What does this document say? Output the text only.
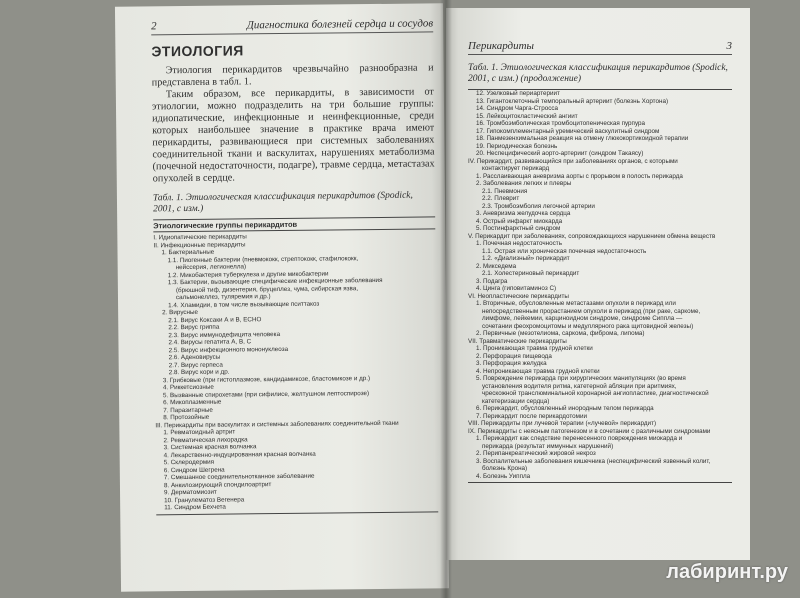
2	Диагностика болезней сердца и сосудов
ЭТИОЛОГИЯ

Этиология перикардитов чрезвычайно разнообразна и представлена в табл. 1.

Таким образом, все перикардиты, в зависимости от этиологии, можно подразделить на три большие группы: идиопатические, инфекционные и неинфекционные, среди которых наибольшее значение в практике врача имеют перикардиты, развивающиеся при системных заболеваниях соединительной ткани и васкулитах, нарушениях метаболизма (почечной недостаточности, подагре), травме сердца, метастазах опухолей в сердце.

Табл. 1. Этиологическая классификация перикардитов (Spodick, 2001, с изм.)
Этиологические группы перикардитов
I. Идиопатические перикардиты
II. Инфекционные перикардиты
1. Бактериальные
1.1. Пиогенные бактерии (пневмококк, стрептококк, стафилококк,
нейссерия, легионелла)
1.2. Микобактерия туберкулеза и другие микобактерии
1.3. Бактерии, вызывающие специфические инфекционные заболевания
(брюшной тиф, дизентерия, бруцеллез, чума, сибирская язва,
сальмонеллез, туляремия и др.)
1.4. Хламидии, в том числе вызывающие пситтакоз
2. Вирусные
2.1. Вирус Коксаки А и В, ЕСНО
2.2. Вирус гриппа
2.3. Вирус иммунодефицита человека
2.4. Вирусы гепатита А, В, С
2.5. Вирус инфекционного мононуклеоза
2.6. Аденовирусы
2.7. Вирус герпеса
2.8. Вирус кори и др.
3. Грибковые (при гистоплазмозе, кандидамикозе, бластомикозе и др.)
4. Риккетсиозные
5. Вызванные спирохетами (при сифилисе, желтушном лептоспирозе)
6. Микоплазменные
7. Паразитарные
8. Протозойные
III. Перикардиты при васкулитах и системных заболеваниях соединительной ткани
1. Ревматоидный артрит
2. Ревматическая лихорадка
3. Системная красная волчанка
4. Лекарственно-индуцированная красная волчанка
5. Склеродермия
6. Синдром Шегрена
7. Смешанное соединительнотканное заболевание
8. Анкилозирующий спондилоартрит
9. Дерматомиозит
10. Гранулематоз Вегенера
11. Синдром Бехчета
Перикардиты	3
Табл. 1. Этиологическая классификация перикардитов (Spodick, 2001, с изм.) (продолжение)
12. Узелковый периартериит
13. Гигантоклеточный темпоральный артериит (болезнь Хортона)
14. Синдром Чарга-Стросса
15. Лейкоцитокластический ангиит
16. Тромбоэмболическая тромбоцитопеническая пурпура
17. Гипокомплементарный уремический васкулитный синдром
18. Панмезенхимальная реакция на отмену глюкокортикоидной терапии
19. Периодическая болезнь
20. Неспецифический аорто-артериит (синдром Такаясу)
IV. Перикардит, развивающийся при заболеваниях органов, с которыми
контактирует перикард
1. Расслаивающая аневризма аорты с прорывом в полость перикарда
2. Заболевания легких и плевры
2.1. Пневмония
2.2. Плеврит
2.3. Тромбоэмболия легочной артерии
3. Аневризма желудочка сердца
4. Острый инфаркт миокарда
5. Постинфарктный синдром
V. Перикардит при заболеваниях, сопровождающихся нарушением обмена веществ
1. Почечная недостаточность
1.1. Острая или хроническая почечная недостаточность
1.2. «Диализный» перикардит
2. Микседема
2.1. Холестериновый перикардит
3. Подагра
4. Цинга (гиповитаминоз С)
VI. Неопластические перикардиты
1. Вторичные, обусловленные метастазами опухоли в перикард или
непосредственным прорастанием опухоли в перикард (при раке, саркоме,
лимфоме, лейкемии, карциноидном синдроме, синдроме Сиппла —
сочетании феохромоцитомы и медуллярного рака щитовидной железы)
2. Первичные (мезотелиома, саркома, фиброма, липома)
VII. Травматические перикардиты
1. Проникающая травма грудной клетки
2. Перфорация пищевода
3. Перфорация желудка
4. Непроникающая травма грудной клетки
5. Повреждение перикарда при хирургических манипуляциях (во время
установления водителя ритма, катетерной абляции при аритмиях,
чрескожной транслюминальной коронарной ангиопластике, диагностической
катетеризации сердца)
6. Перикардит, обусловленный инородным телом перикарда
7. Перикардит после перикардотомии
VIII. Перикардиты при лучевой терапии («лучевой» перикардит)
IX. Перикардиты с неясным патогенезом и в сочетании с различными синдромами
1. Перикардит как следствие перенесенного повреждения миокарда и
перикарда (результат иммунных нарушений)
2. Перипанкреатический жировой некроз
3. Воспалительные заболевания кишечника (неспецифический язвенный колит,
болезнь Крона)
4. Болезнь Уиппла
лабиринт.ру
